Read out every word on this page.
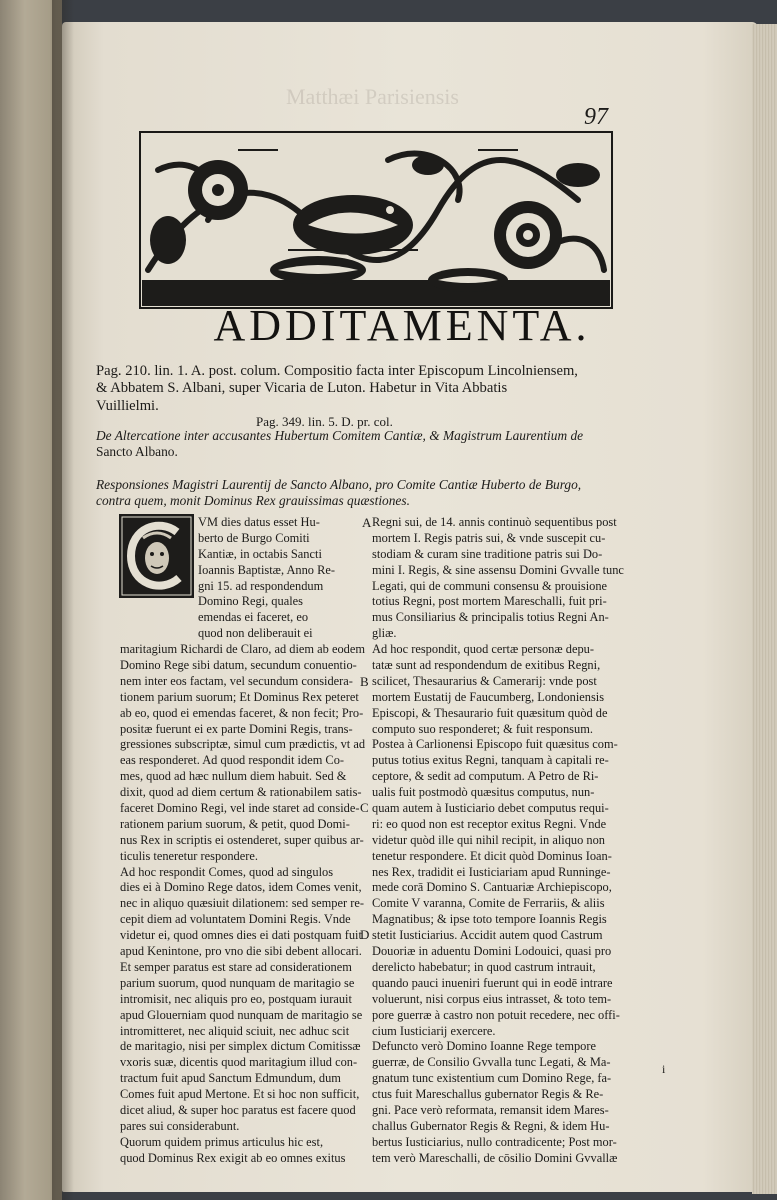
Matthæi Parisiensis
97
ADDITAMENTA.
Pag. 210. lin. 1. A. post. colum. Compositio facta inter Episcopum Lincolniensem,
& Abbatem S. Albani, super Vicaria de Luton. Habetur in Vita Abbatis
Vuillielmi.
Pag. 349. lin. 5. D. pr. col.
De Altercatione inter accusantes Hubertum Comitem Cantiæ, & Magistrum Laurentium de
Sancto Albano.
Responsiones Magistri Laurentij de Sancto Albano, pro Comite Cantiæ Huberto de Burgo,
contra quem, monit Dominus Rex grauissimas quæstiones.
VM dies datus esset Hu-
berto de Burgo Comiti
Kantiæ, in octabis Sancti
Ioannis Baptistæ, Anno Re-
gni 15. ad respondendum
Domino Regi, quales
emendas ei faceret, eo
quod non deliberauit ei
maritagium Richardi de Claro, ad diem ab eodem
Domino Rege sibi datum, secundum conuentio-
nem inter eos factam, vel secundum considera-
tionem parium suorum; Et Dominus Rex peteret
ab eo, quod ei emendas faceret, & non fecit; Pro-
positæ fuerunt ei ex parte Domini Regis, trans-
gressiones subscriptæ, simul cum prædictis, vt ad
eas responderet. Ad quod respondit idem Co-
mes, quod ad hæc nullum diem habuit. Sed &
dixit, quod ad diem certum & rationabilem satis-
faceret Domino Regi, vel inde staret ad conside-
rationem parium suorum, & petit, quod Domi-
nus Rex in scriptis ei ostenderet, super quibus ar-
ticulis teneretur respondere.
Ad hoc respondit Comes, quod ad singulos
dies ei à Domino Rege datos, idem Comes venit,
nec in aliquo quæsiuit dilationem: sed semper re-
cepit diem ad voluntatem Domini Regis. Vnde
videtur ei, quod omnes dies ei dati postquam fuit
apud Kenintone, pro vno die sibi debent allocari.
Et semper paratus est stare ad considerationem
parium suorum, quod nunquam de maritagio se
intromisit, nec aliquis pro eo, postquam iurauit
apud Glouerniam quod nunquam de maritagio se
intromitteret, nec aliquid sciuit, nec adhuc scit
de maritagio, nisi per simplex dictum Comitissæ
vxoris suæ, dicentis quod maritagium illud con-
tractum fuit apud Sanctum Edmundum, dum
Comes fuit apud Mertone. Et si hoc non sufficit,
dicet aliud, & super hoc paratus est facere quod
pares sui considerabunt.
Quorum quidem primus articulus hic est,
quod Dominus Rex exigit ab eo omnes exitus
A
B
C
D
Regni sui, de 14. annis continuò sequentibus post
mortem I. Regis patris sui, & vnde suscepit cu-
stodiam & curam sine traditione patris sui Do-
mini I. Regis, & sine assensu Domini Gvvalle tunc
Legati, qui de communi consensu & prouisione
totius Regni, post mortem Mareschalli, fuit pri-
mus Consiliarius & principalis totius Regni An-
gliæ.
Ad hoc respondit, quod certæ personæ depu-
tatæ sunt ad respondendum de exitibus Regni,
scilicet, Thesaurarius & Camerarij: vnde post
mortem Eustatij de Faucumberg, Londoniensis
Episcopi, & Thesaurario fuit quæsitum quòd de
computo suo responderet; & fuit responsum.
Postea à Carlionensi Episcopo fuit quæsitus com-
putus totius exitus Regni, tanquam à capitali re-
ceptore, & sedit ad computum. A Petro de Ri-
ualis fuit postmodò quæsitus computus, nun-
quam autem à Iusticiario debet computus requi-
ri: eo quod non est receptor exitus Regni. Vnde
videtur quòd ille qui nihil recipit, in aliquo non
tenetur respondere. Et dicit quòd Dominus Ioan-
nes Rex, tradidit ei Iusticiariam apud Runninge-
mede corā Domino S. Cantuariæ Archiepiscopo,
Comite V varanna, Comite de Ferrariis, & aliis
Magnatibus; & ipse toto tempore Ioannis Regis
stetit Iusticiarius. Accidit autem quod Castrum
Douoriæ in aduentu Domini Lodouici, quasi pro
derelicto habebatur; in quod castrum intrauit,
quando pauci inueniri fuerunt qui in eodē intrare
voluerunt, nisi corpus eius intrasset, & toto tem-
pore guerræ à castro non potuit recedere, nec offi-
cium Iusticiarij exercere.
Defuncto verò Domino Ioanne Rege tempore
guerræ, de Consilio Gvvalla tunc Legati, & Ma-
gnatum tunc existentium cum Domino Rege, fa-
ctus fuit Mareschallus gubernator Regis & Re-
gni. Pace verò reformata, remansit idem Mares-
challus Gubernator Regis & Regni, & idem Hu-
bertus Iusticiarius, nullo contradicente; Post mor-
tem verò Mareschalli, de cōsilio Domini Gvvallæ
i
